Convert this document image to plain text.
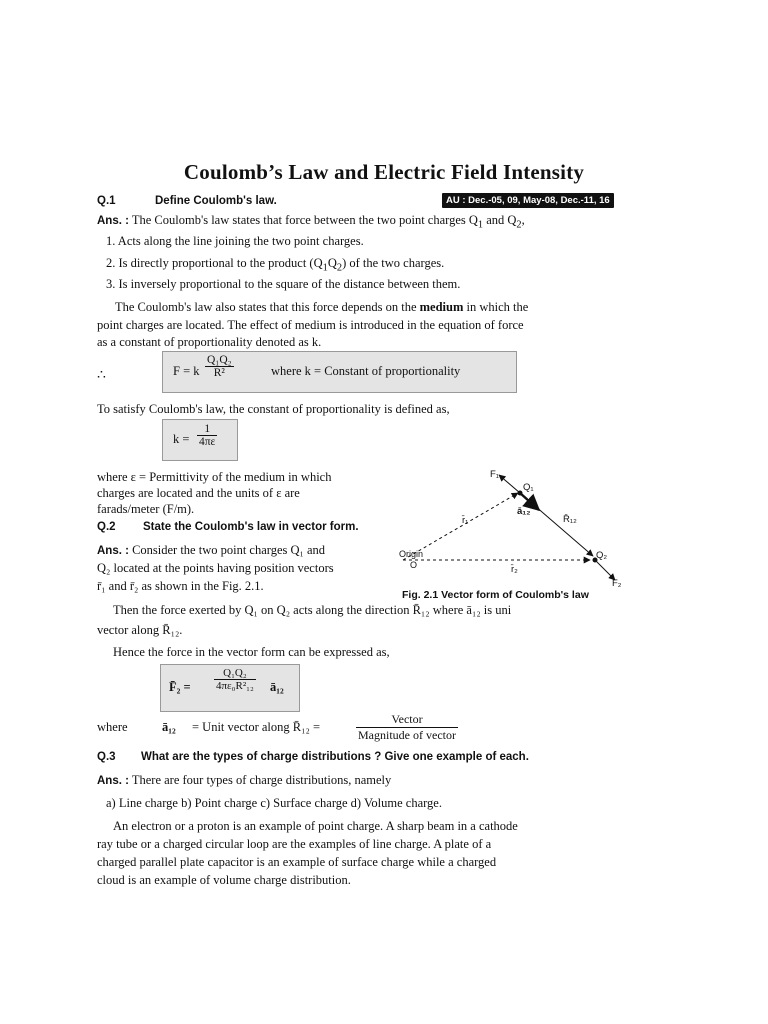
Coulomb’s Law and Electric Field Intensity
Q.1	Define Coulomb's law.	AU : Dec.-05, 09, May-08, Dec.-11, 16
Ans. : The Coulomb's law states that force between the two point charges $Q_1$ and $Q_2$,
1. Acts along the line joining the two point charges.
2. Is directly proportional to the product $(Q_1Q_2)$ of the two charges.
3. Is inversely proportional to the square of the distance between them.
The Coulomb's law also states that this force depends on the medium in which the
point charges are located. The effect of medium is introduced in the equation of force
as a constant of proportionality denoted as k.
∴	F = k $\frac{\text{Q₁Q₂}}{\text{R²}}$	where k = Constant of proportionality
To satisfy Coulomb's law, the constant of proportionality is defined as,
$k = \frac{1}{4\pi\varepsilon}$
where ε = Permittivity of the medium in which
charges are located and the units of ε are
farads/meter (F/m).
Q.2 State the Coulomb's law in vector form.
Ans. : Consider the two point charges Q₁ and
Q₂ located at the points having position vectors
r̄₁ and r̄₂ as shown in the Fig. 2.1.
F₁
Q₁
ā₁₂
R̄₁₂
r̄₁
Origin
O	r̄₂
Q₂
F₂
Fig. 2.1 Vector form of Coulomb's law
Then the force exerted by Q₁ on Q₂ acts along the direction R̄₁₂ where ā₁₂ is uni
vector along R̄₁₂.
Hence the force in the vector form can be expressed as,
F̄₂ = $\frac{\text{Q₁Q₂}}{\text{4πε₀R²₁₂}}$ ā₁₂
where	ā₁₂ = Unit vector along R̄₁₂ =	$\frac{\text{Vector}}{\text{Magnitude of vector}}$
Q.3 What are the types of charge distributions ? Give one example of each.
Ans. : There are four types of charge distributions, namely
a) Line charge b) Point charge c) Surface charge d) Volume charge.
An electron or a proton is an example of point charge. A sharp beam in a cathode
ray tube or a charged circular loop are the examples of line charge. A plate of a
charged parallel plate capacitor is an example of surface charge while a charged
cloud is an example of volume charge distribution.
